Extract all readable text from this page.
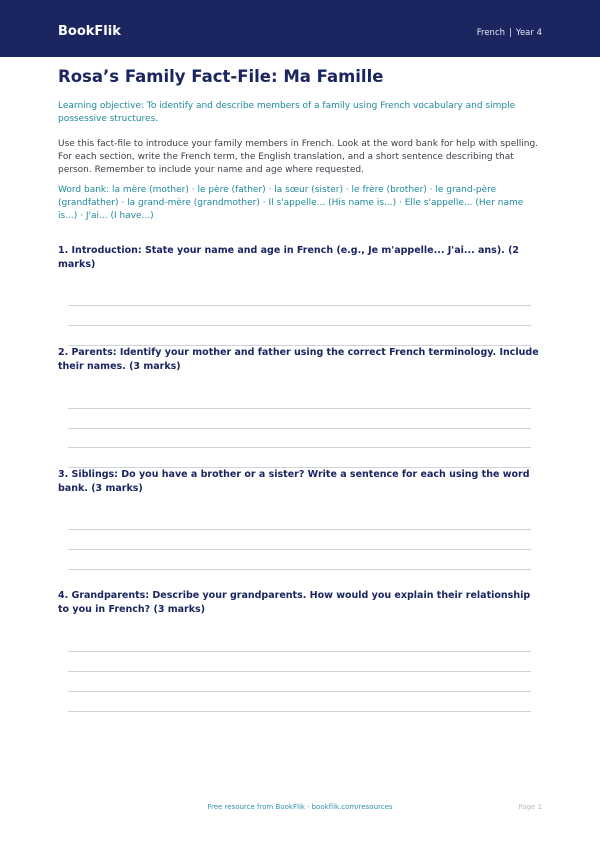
BookFlik	French | Year 4
Rosa’s Family Fact-File: Ma Famille
Learning objective: To identify and describe members of a family using French vocabulary and simple possessive structures.
Use this fact-file to introduce your family members in French. Look at the word bank for help with spelling. For each section, write the French term, the English translation, and a short sentence describing that person. Remember to include your name and age where requested.
Word bank: la mère (mother) · le père (father) · la sœur (sister) · le frère (brother) · le grand-père (grandfather) · la grand-mère (grandmother) · Il s'appelle... (His name is...) · Elle s'appelle... (Her name is...) · J'ai... (I have...)
1. Introduction: State your name and age in French (e.g., Je m'appelle... J'ai... ans). (2 marks)
2. Parents: Identify your mother and father using the correct French terminology. Include their names. (3 marks)
3. Siblings: Do you have a brother or a sister? Write a sentence for each using the word bank. (3 marks)
4. Grandparents: Describe your grandparents. How would you explain their relationship to you in French? (3 marks)
Free resource from BookFlik · bookflik.com/resources	Page 1
